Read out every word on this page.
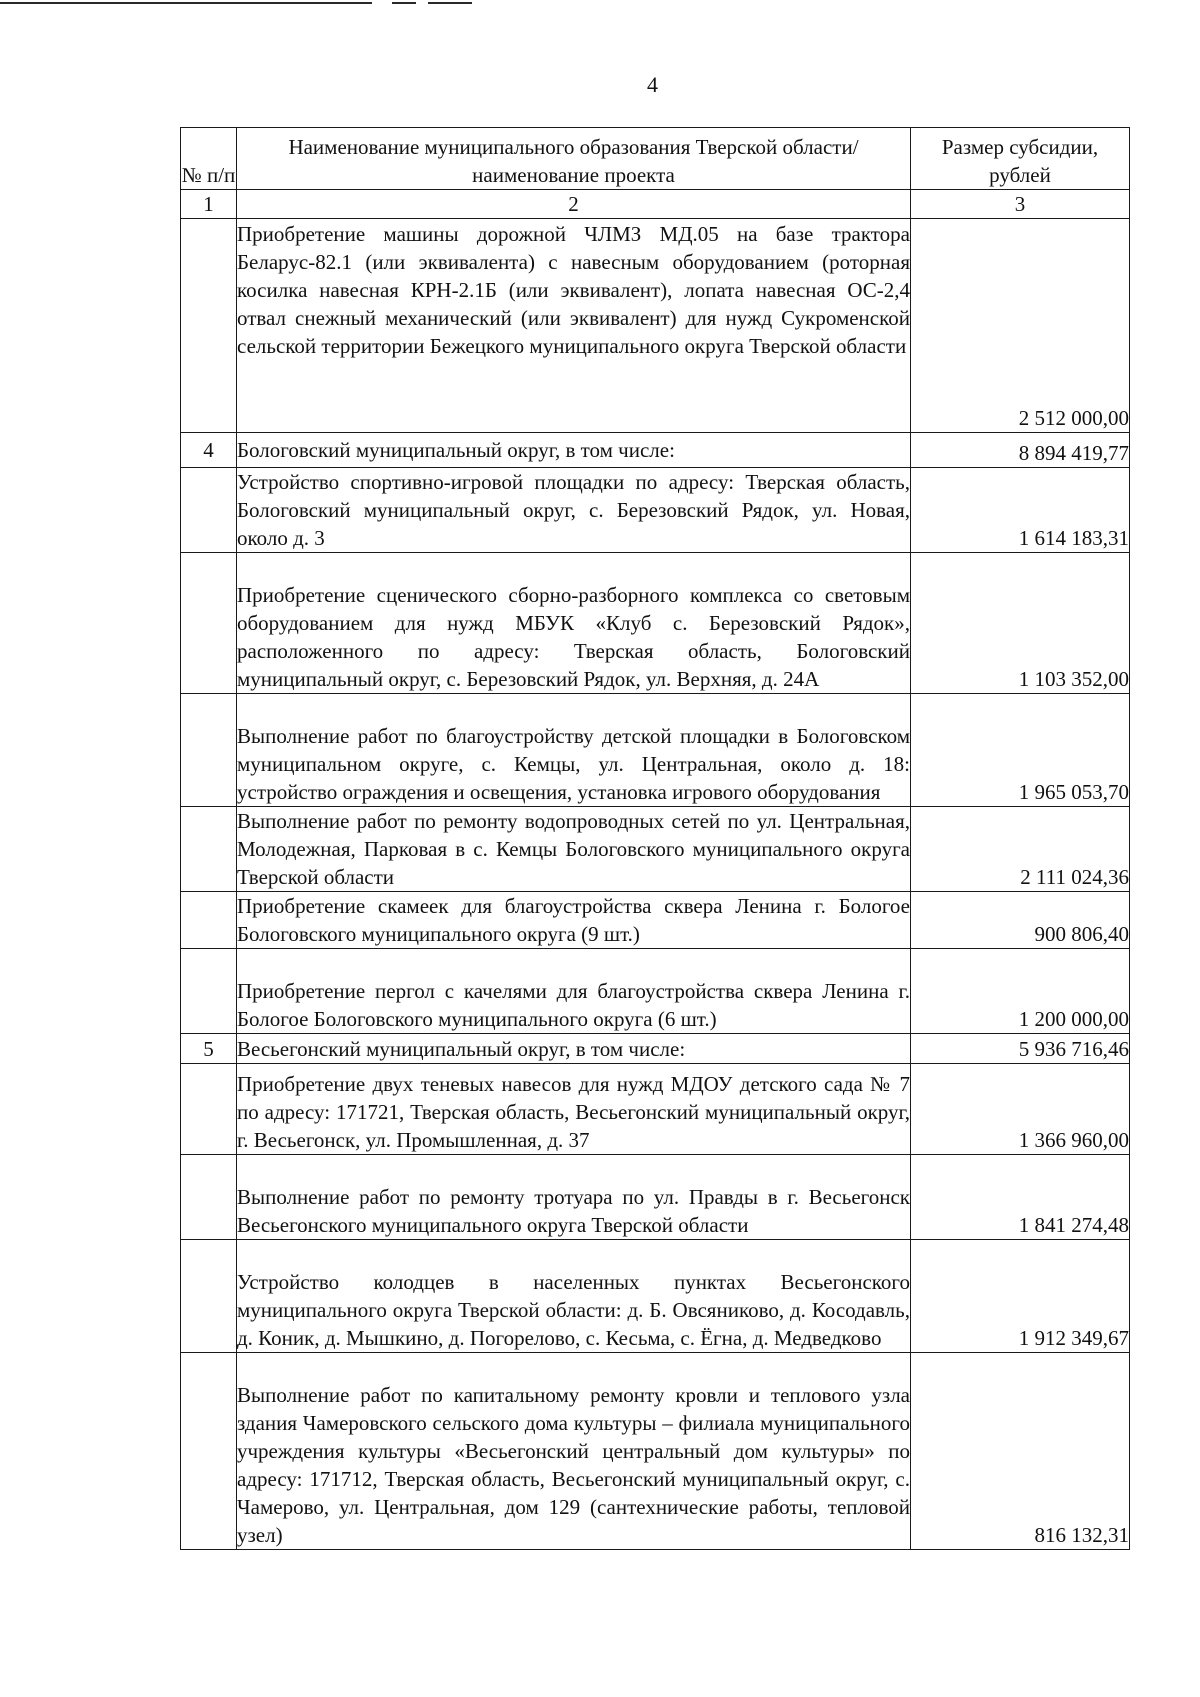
4
№ п/п	Наименование муниципального образования Тверской области/наименование проекта	Размер субсидии, рублей
1	2	3
	Приобретение машины дорожной ЧЛМЗ МД.05 на базе трактора Беларус-82.1 (или эквивалента) с навесным оборудованием (роторная косилка навесная КРН-2.1Б (или эквивалент), лопата навесная ОС-2,4 отвал снежный механический (или эквивалент) для нужд Сукроменской сельской территории Бежецкого муниципального округа Тверской области	2 512 000,00
4	Бологовский муниципальный округ, в том числе:	8 894 419,77
	Устройство спортивно-игровой площадки по адресу: Тверская область, Бологовский муниципальный округ, с. Березовский Рядок, ул. Новая, около д. 3	1 614 183,31
	Приобретение сценического сборно-разборного комплекса со световым оборудованием для нужд МБУК «Клуб с. Березовский Рядок», расположенного по адресу: Тверская область, Бологовский муниципальный округ, с. Березовский Рядок, ул. Верхняя, д. 24А	1 103 352,00
	Выполнение работ по благоустройству детской площадки в Бологовском муниципальном округе, с. Кемцы, ул. Центральная, около д. 18: устройство ограждения и освещения, установка игрового оборудования	1 965 053,70
	Выполнение работ по ремонту водопроводных сетей по ул. Центральная, Молодежная, Парковая в с. Кемцы Бологовского муниципального округа Тверской области	2 111 024,36
	Приобретение скамеек для благоустройства сквера Ленина г. Бологое Бологовского муниципального округа (9 шт.)	900 806,40
	Приобретение пергол с качелями для благоустройства сквера Ленина г. Бологое Бологовского муниципального округа (6 шт.)	1 200 000,00
5	Весьегонский муниципальный округ, в том числе:	5 936 716,46
	Приобретение двух теневых навесов для нужд МДОУ детского сада № 7 по адресу: 171721, Тверская область, Весьегонский муниципальный округ, г. Весьегонск, ул. Промышленная, д. 37	1 366 960,00
	Выполнение работ по ремонту тротуара по ул. Правды в г. Весьегонск Весьегонского муниципального округа Тверской области	1 841 274,48
	Устройство колодцев в населенных пунктах Весьегонского муниципального округа Тверской области: д. Б. Овсяниково, д. Косодавль, д. Коник, д. Мышкино, д. Погорелово, с. Кесьма, с. Ёгна, д. Медведково	1 912 349,67
	Выполнение работ по капитальному ремонту кровли и теплового узла здания Чамеровского сельского дома культуры – филиала муниципального учреждения культуры «Весьегонский центральный дом культуры» по адресу: 171712, Тверская область, Весьегонский муниципальный округ, с. Чамерово, ул. Центральная, дом 129 (сантехнические работы, тепловой узел)	816 132,31
